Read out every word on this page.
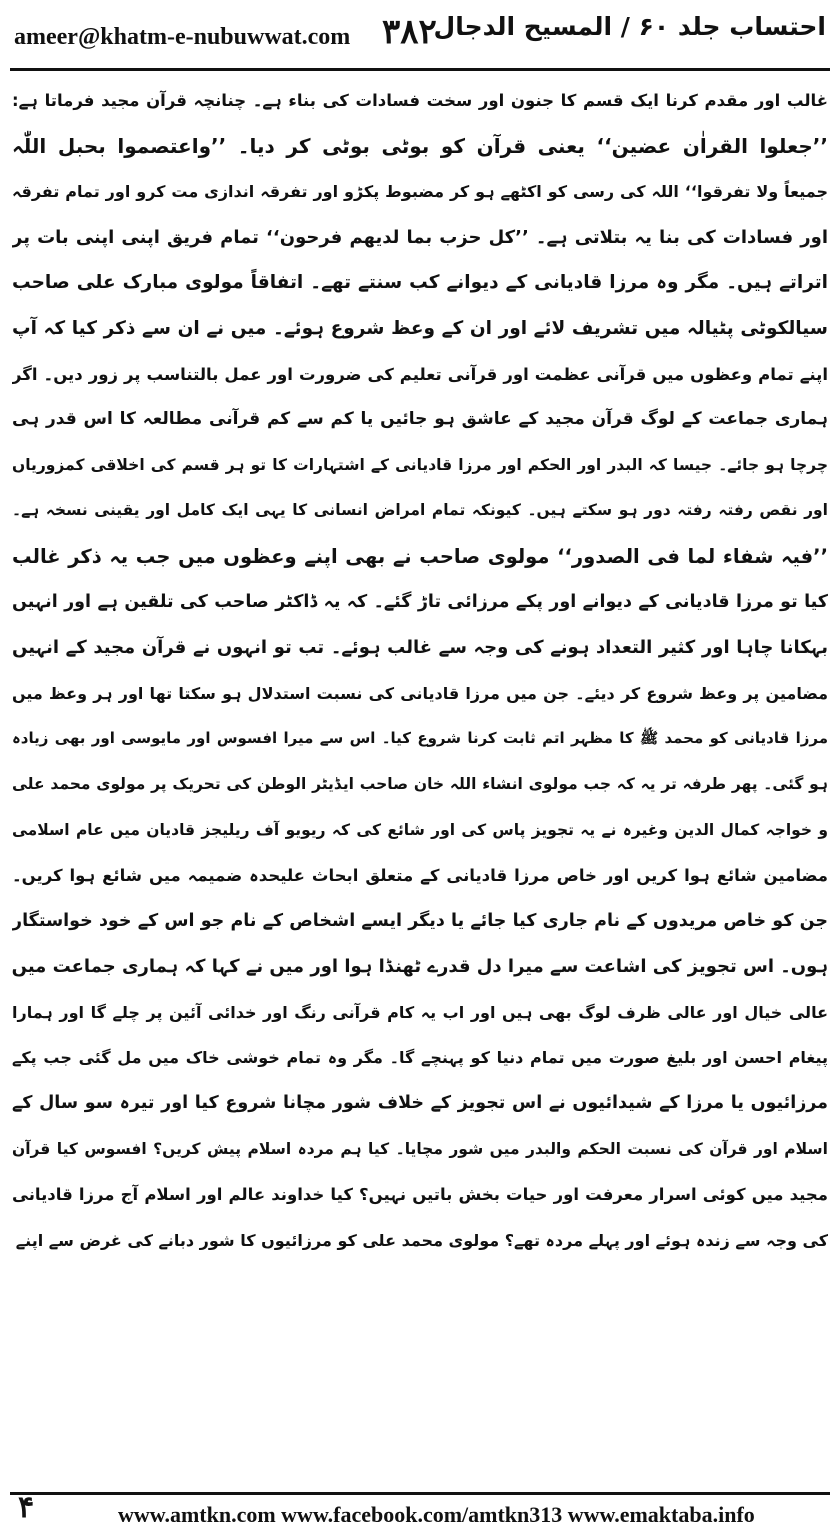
ameer@khatm-e-nubuwwat.com ٣٨٢
احتساب جلد ۶۰ / المسیح الدجال
غالب اور مقدم کرنا ایک قسم کا جنون اور سخت فسادات کی بناء ہے۔ چنانچہ قرآن مجید فرماتا ہے:
’’جعلوا القراٰن عضین‘‘ یعنی قرآن کو بوٹی بوٹی کر دیا۔ ’’واعتصموا بحبل اللّٰہ
جمیعاً ولا تفرقوا‘‘ اللہ کی رسی کو اکٹھے ہو کر مضبوط پکڑو اور تفرقہ اندازی مت کرو اور تمام تفرقہ
اور فسادات کی بنا یہ بتلاتی ہے۔ ’’کل حزب بما لدیھم فرحون‘‘ تمام فریق اپنی اپنی بات پر
اتراتے ہیں۔ مگر وہ مرزا قادیانی کے دیوانے کب سنتے تھے۔ اتفاقاً مولوی مبارک علی صاحب
سیالکوٹی پٹیالہ میں تشریف لائے اور ان کے وعظ شروع ہوئے۔ میں نے ان سے ذکر کیا کہ آپ
اپنے تمام وعظوں میں قرآنی عظمت اور قرآنی تعلیم کی ضرورت اور عمل بالتناسب پر زور دیں۔ اگر
ہماری جماعت کے لوگ قرآن مجید کے عاشق ہو جائیں یا کم سے کم قرآنی مطالعہ کا اس قدر ہی
چرچا ہو جائے۔ جیسا کہ البدر اور الحکم اور مرزا قادیانی کے اشتہارات کا تو ہر قسم کی اخلاقی کمزوریاں
اور نقص رفتہ رفتہ دور ہو سکتے ہیں۔ کیونکہ تمام امراض انسانی کا یہی ایک کامل اور یقینی نسخہ ہے۔
’’فیہ شفاء لما فی الصدور‘‘ مولوی صاحب نے بھی اپنے وعظوں میں جب یہ ذکر غالب
کیا تو مرزا قادیانی کے دیوانے اور پکے مرزائی تاڑ گئے۔ کہ یہ ڈاکٹر صاحب کی تلقین ہے اور انہیں
بہکانا چاہا اور کثیر التعداد ہونے کی وجہ سے غالب ہوئے۔ تب تو انہوں نے قرآن مجید کے انہیں
مضامین پر وعظ شروع کر دیئے۔ جن میں مرزا قادیانی کی نسبت استدلال ہو سکتا تھا اور ہر وعظ میں
مرزا قادیانی کو محمد ﷺ کا مظہر اتم ثابت کرنا شروع کیا۔ اس سے میرا افسوس اور مایوسی اور بھی زیادہ
ہو گئی۔ پھر طرفہ تر یہ کہ جب مولوی انشاء اللہ خان صاحب ایڈیٹر الوطن کی تحریک پر مولوی محمد علی
و خواجہ کمال الدین وغیرہ نے یہ تجویز پاس کی اور شائع کی کہ ریویو آف ریلیجز قادیان میں عام اسلامی
مضامین شائع ہوا کریں اور خاص مرزا قادیانی کے متعلق ابحاث علیحدہ ضمیمہ میں شائع ہوا کریں۔
جن کو خاص مریدوں کے نام جاری کیا جائے یا دیگر ایسے اشخاص کے نام جو اس کے خود خواستگار
ہوں۔ اس تجویز کی اشاعت سے میرا دل قدرے ٹھنڈا ہوا اور میں نے کہا کہ ہماری جماعت میں
عالی خیال اور عالی ظرف لوگ بھی ہیں اور اب یہ کام قرآنی رنگ اور خدائی آئین پر چلے گا اور ہمارا
پیغام احسن اور بلیغ صورت میں تمام دنیا کو پہنچے گا۔ مگر وہ تمام خوشی خاک میں مل گئی جب پکے
مرزائیوں یا مرزا کے شیدائیوں نے اس تجویز کے خلاف شور مچانا شروع کیا اور تیرہ سو سال کے
اسلام اور قرآن کی نسبت الحکم والبدر میں شور مچایا۔ کیا ہم مردہ اسلام پیش کریں؟ افسوس کیا قرآن
مجید میں کوئی اسرار معرفت اور حیات بخش باتیں نہیں؟ کیا خداوند عالم اور اسلام آج مرزا قادیانی
کی وجہ سے زندہ ہوئے اور پہلے مردہ تھے؟ مولوی محمد علی کو مرزائیوں کا شور دبانے کی غرض سے اپنے
۴	www.amtkn.com www.facebook.com/amtkn313 www.emaktaba.info
